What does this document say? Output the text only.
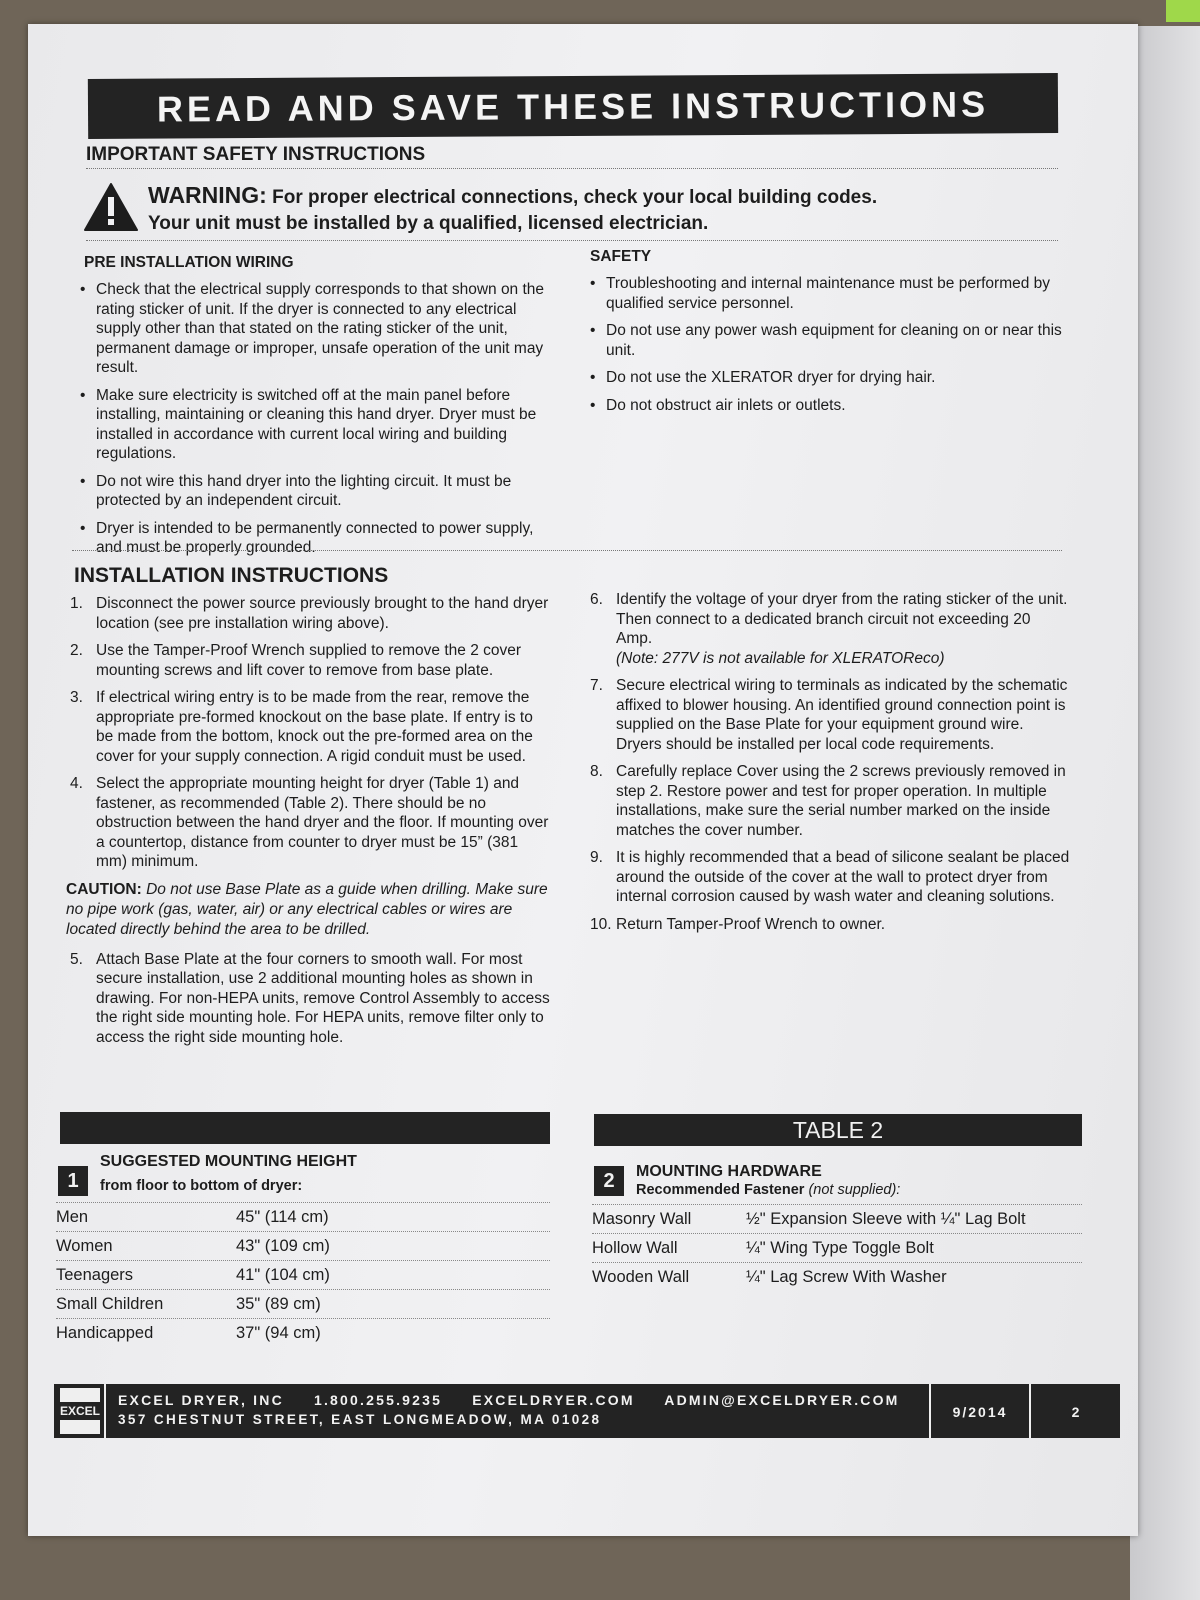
READ AND SAVE THESE INSTRUCTIONS
IMPORTANT SAFETY INSTRUCTIONS
WARNING: For proper electrical connections, check your local building codes.
Your unit must be installed by a qualified, licensed electrician.
PRE INSTALLATION WIRING
• Check that the electrical supply corresponds to that shown on the rating sticker of unit. If the dryer is connected to any electrical supply other than that stated on the rating sticker of the unit, permanent damage or improper, unsafe operation of the unit may result.
• Make sure electricity is switched off at the main panel before installing, maintaining or cleaning this hand dryer. Dryer must be installed in accordance with current local wiring and building regulations.
• Do not wire this hand dryer into the lighting circuit. It must be protected by an independent circuit.
• Dryer is intended to be permanently connected to power supply, and must be properly grounded.
SAFETY
• Troubleshooting and internal maintenance must be performed by qualified service personnel.
• Do not use any power wash equipment for cleaning on or near this unit.
• Do not use the XLERATOR dryer for drying hair.
• Do not obstruct air inlets or outlets.
INSTALLATION INSTRUCTIONS
1. Disconnect the power source previously brought to the hand dryer location (see pre installation wiring above).
2. Use the Tamper-Proof Wrench supplied to remove the 2 cover mounting screws and lift cover to remove from base plate.
3. If electrical wiring entry is to be made from the rear, remove the appropriate pre-formed knockout on the base plate. If entry is to be made from the bottom, knock out the pre-formed area on the cover for your supply connection. A rigid conduit must be used.
4. Select the appropriate mounting height for dryer (Table 1) and fastener, as recommended (Table 2). There should be no obstruction between the hand dryer and the floor. If mounting over a countertop, distance from counter to dryer must be 15” (381 mm) minimum.
CAUTION: Do not use Base Plate as a guide when drilling. Make sure no pipe work (gas, water, air) or any electrical cables or wires are located directly behind the area to be drilled.
5. Attach Base Plate at the four corners to smooth wall. For most secure installation, use 2 additional mounting holes as shown in drawing. For non-HEPA units, remove Control Assembly to access the right side mounting hole. For HEPA units, remove filter only to access the right side mounting hole.
6. Identify the voltage of your dryer from the rating sticker of the unit. Then connect to a dedicated branch circuit not exceeding 20 Amp.
(Note: 277V is not available for XLERATOReco)
7. Secure electrical wiring to terminals as indicated by the schematic affixed to blower housing. An identified ground connection point is supplied on the Base Plate for your equipment ground wire. Dryers should be installed per local code requirements.
8. Carefully replace Cover using the 2 screws previously removed in step 2. Restore power and test for proper operation. In multiple installations, make sure the serial number marked on the inside matches the cover number.
9. It is highly recommended that a bead of silicone sealant be placed around the outside of the cover at the wall to protect dryer from internal corrosion caused by wash water and cleaning solutions.
10. Return Tamper-Proof Wrench to owner.
1
SUGGESTED MOUNTING HEIGHT
from floor to bottom of dryer:
Men	45" (114 cm)
Women	43" (109 cm)
Teenagers	41" (104 cm)
Small Children	35" (89 cm)
Handicapped	37" (94 cm)
TABLE 2
2	MOUNTING HARDWARE
Recommended Fastener (not supplied):
Masonry Wall	½" Expansion Sleeve with ¼" Lag Bolt
Hollow Wall	¼" Wing Type Toggle Bolt
Wooden Wall	¼" Lag Screw With Washer
EXCEL
EXCEL DRYER, INC 1.800.255.9235 EXCELDRYER.COM ADMIN@EXCELDRYER.COM
357 CHESTNUT STREET, EAST LONGMEADOW, MA 01028	9/2014	2
